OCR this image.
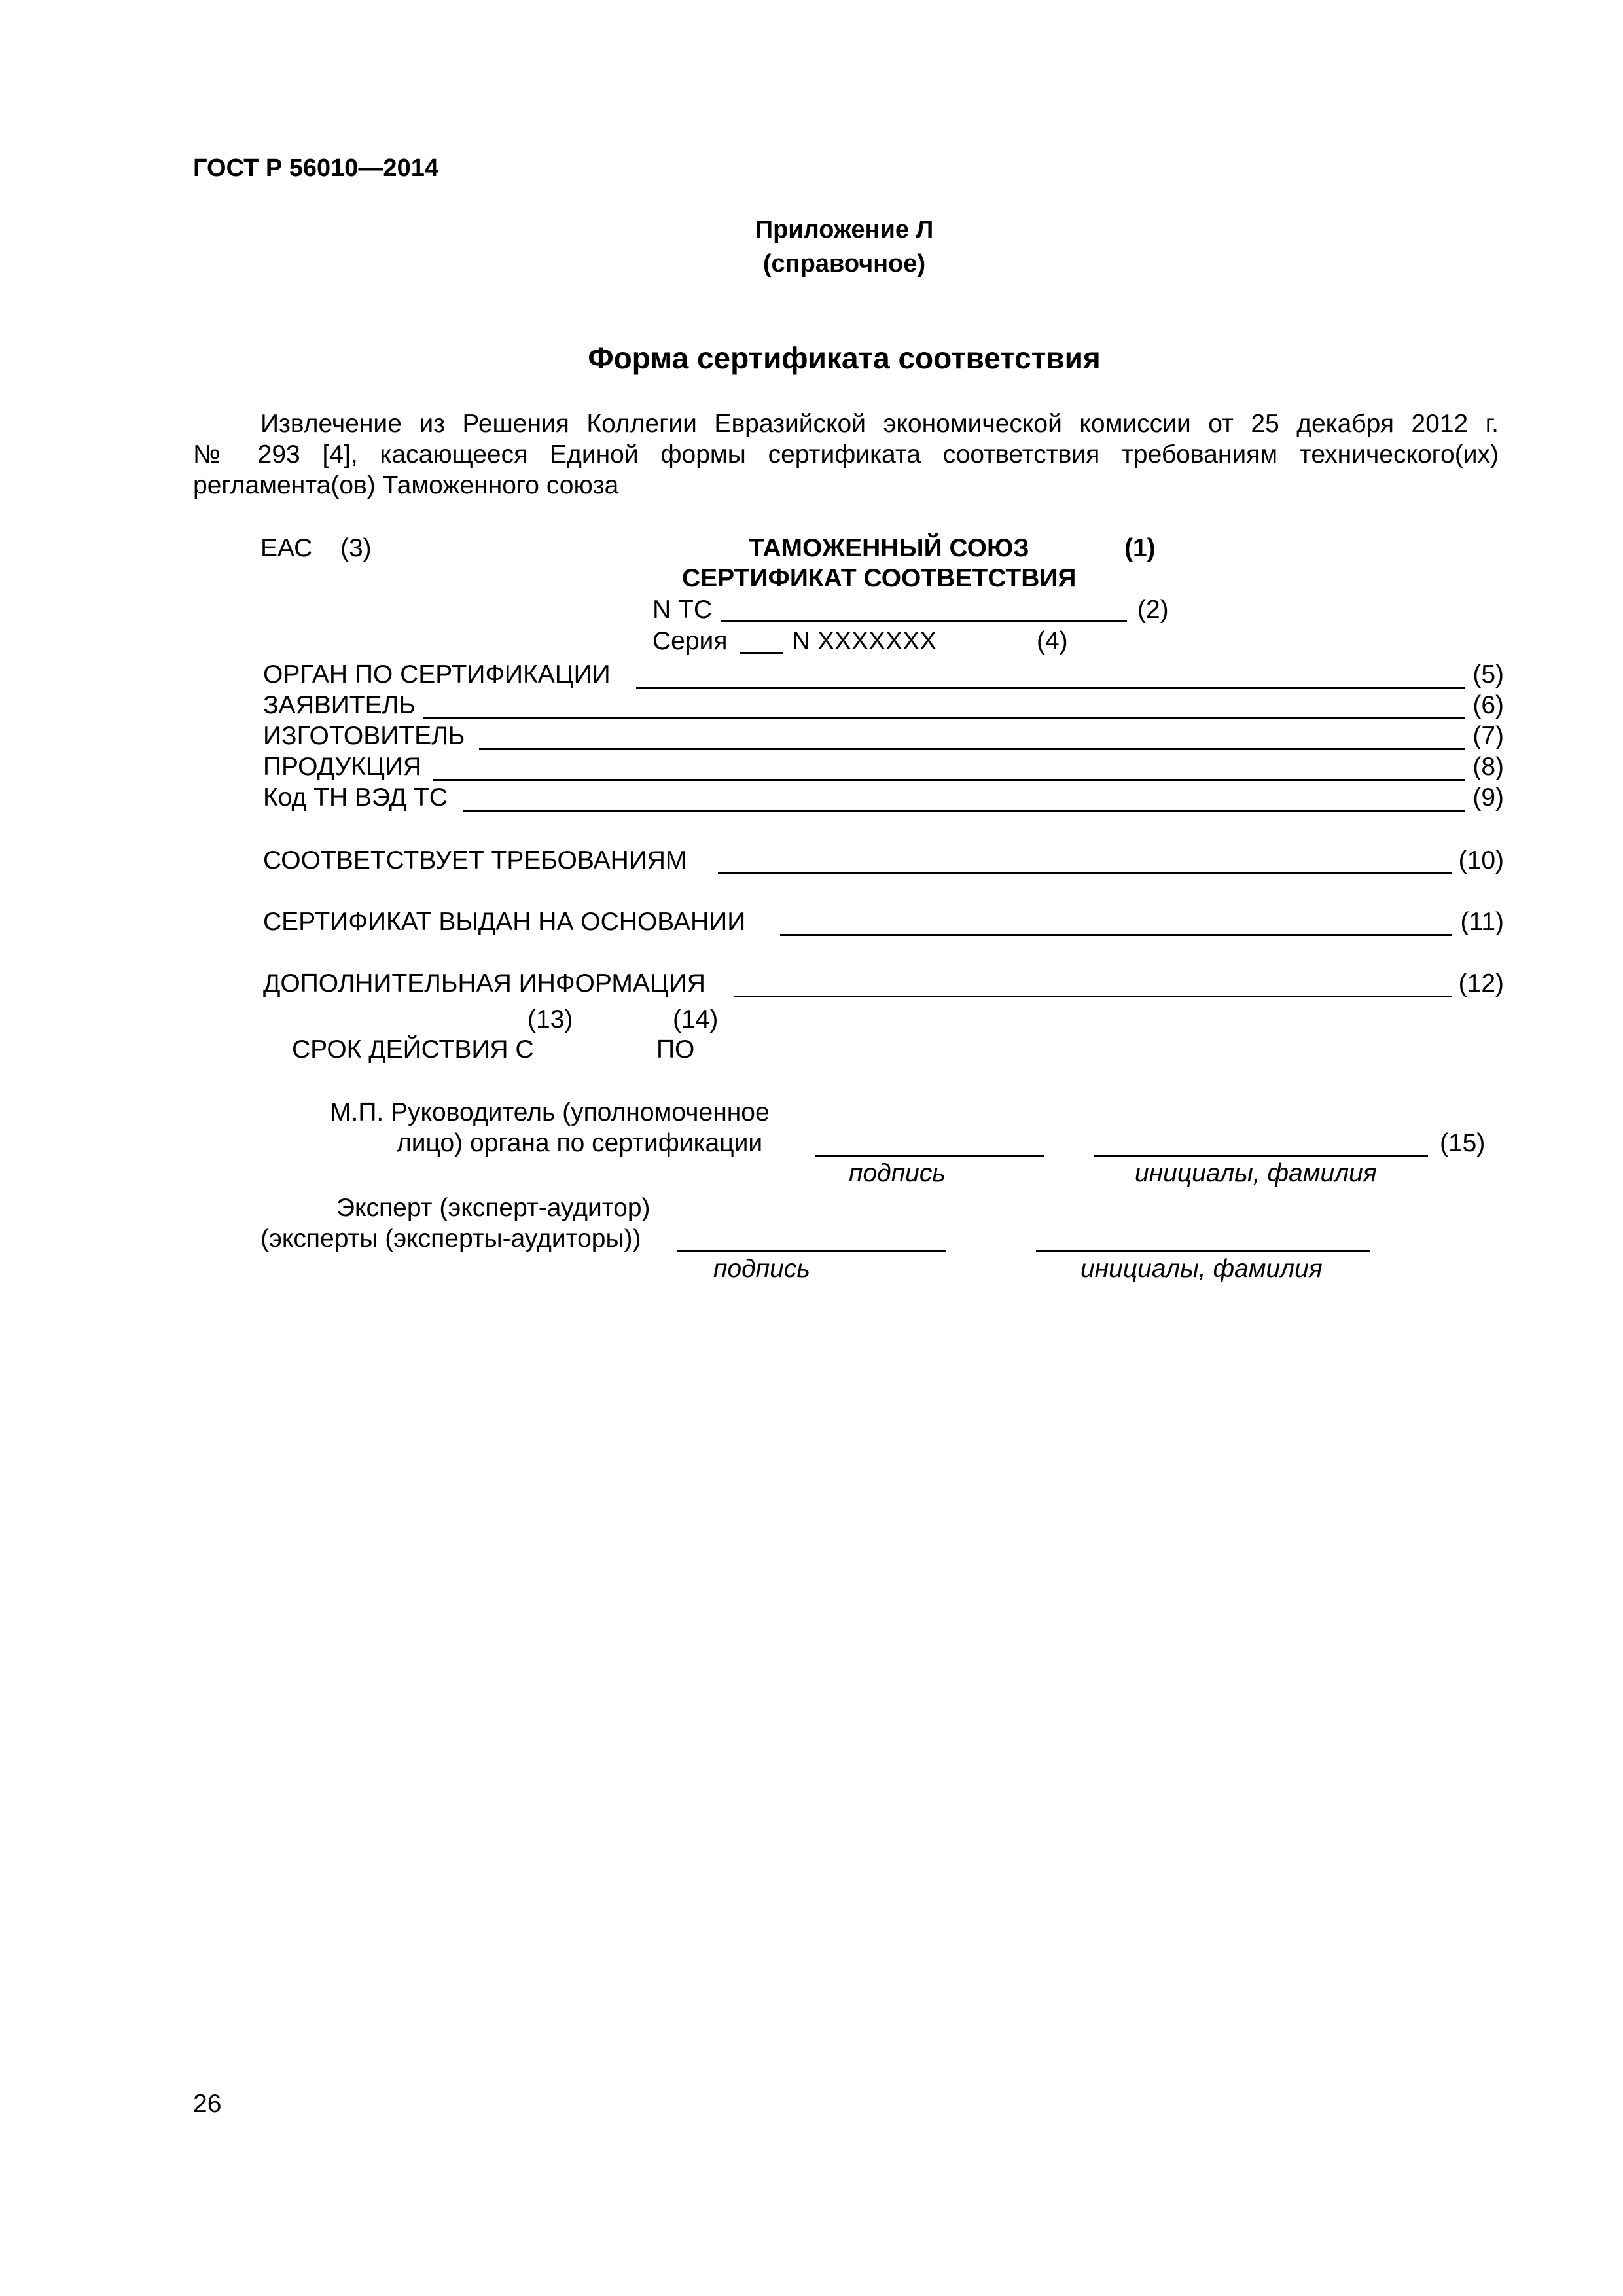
ГОСТ Р 56010—2014
Приложение Л
(справочное)
Форма сертификата соответствия
Извлечение из Решения Коллегии Евразийской экономической комиссии от 25 декабря 2012 г.
№ 293 [4], касающееся Единой формы сертификата соответствия требованиям технического(их)
регламента(ов) Таможенного союза
ЕАС (3)	ТАМОЖЕННЫЙ СОЮЗ	(1)
СЕРТИФИКАТ СООТВЕТСТВИЯ
N ТС	(2)
Серия	N XXXXXXX	(4)
ОРГАН ПО СЕРТИФИКАЦИИ	(5)
ЗАЯВИТЕЛЬ	(6)
ИЗГОТОВИТЕЛЬ	(7)
ПРОДУКЦИЯ	(8)
Код ТН ВЭД ТС	(9)
СООТВЕТСТВУЕТ ТРЕБОВАНИЯМ	(10)
СЕРТИФИКАТ ВЫДАН НА ОСНОВАНИИ	(11)
ДОПОЛНИТЕЛЬНАЯ ИНФОРМАЦИЯ	(12)
(13)	(14)
СРОК ДЕЙСТВИЯ С	ПО
М.П. Руководитель (уполномоченное
лицо) органа по сертификации	(15)
подпись	инициалы, фамилия
Эксперт (эксперт-аудитор)
(эксперты (эксперты-аудиторы))
подпись	инициалы, фамилия
26
